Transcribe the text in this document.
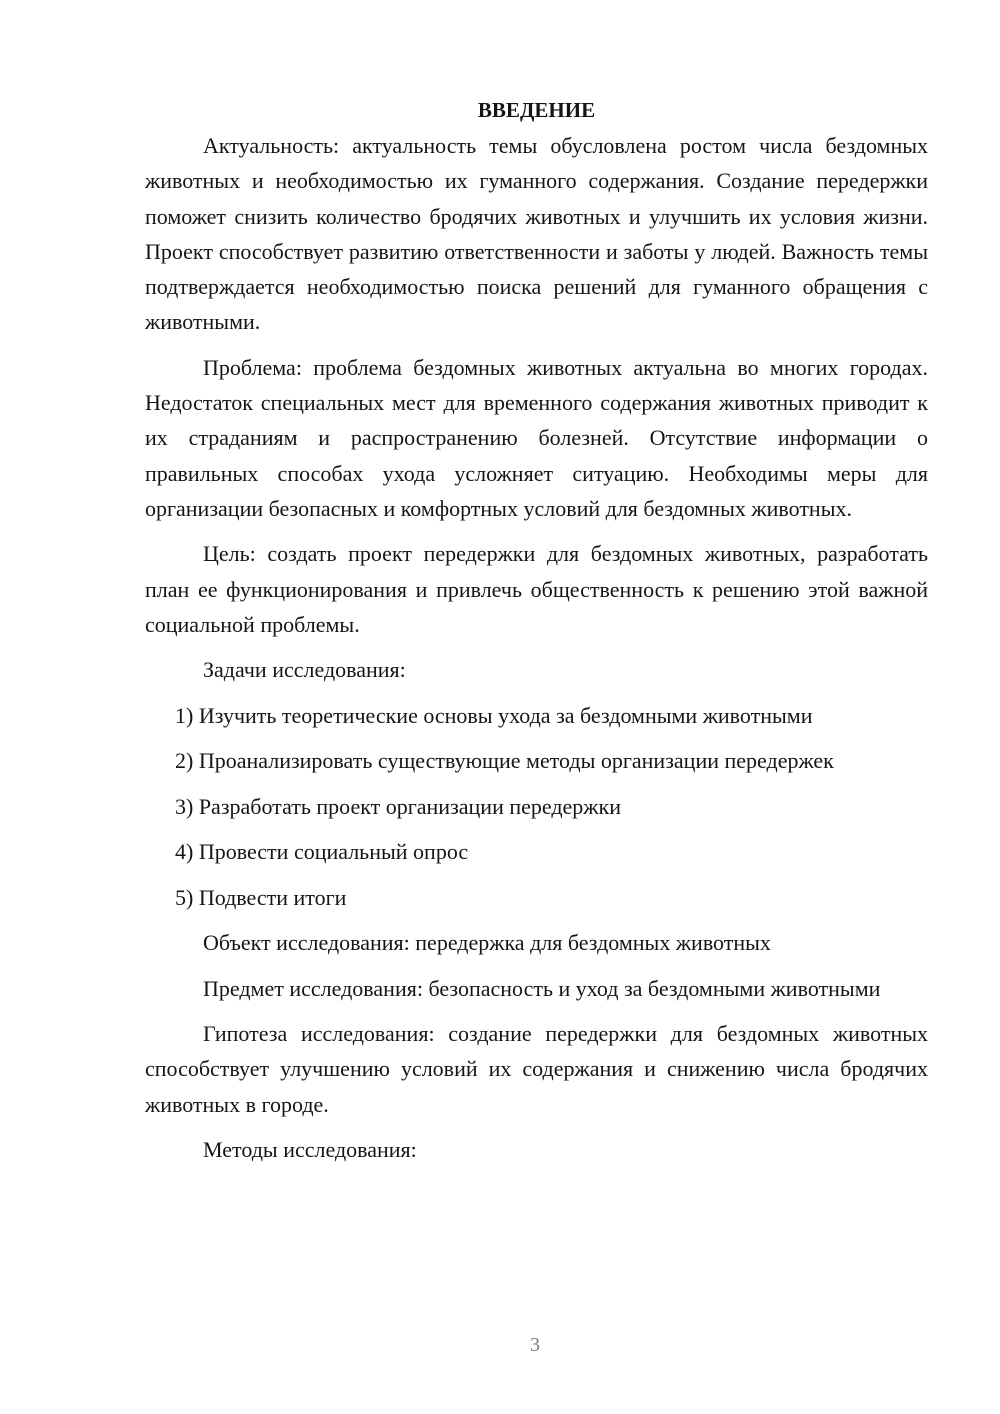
ВВЕДЕНИЕ

Актуальность: актуальность темы обусловлена ростом числа бездомных животных и необходимостью их гуманного содержания. Создание передержки поможет снизить количество бродячих животных и улучшить их условия жизни. Проект способствует развитию ответственности и заботы у людей. Важность темы подтверждается необходимостью поиска решений для гуманного обращения с животными.

Проблема: проблема бездомных животных актуальна во многих городах. Недостаток специальных мест для временного содержания животных приводит к их страданиям и распространению болезней. Отсутствие информации о правильных способах ухода усложняет ситуацию. Необходимы меры для организации безопасных и комфортных условий для бездомных животных.

Цель: создать проект передержки для бездомных животных, разработать план ее функционирования и привлечь общественность к решению этой важной социальной проблемы.

Задачи исследования:
1) Изучить теоретические основы ухода за бездомными животными
2) Проанализировать существующие методы организации передержек
3) Разработать проект организации передержки
4) Провести социальный опрос
5) Подвести итоги
Объект исследования: передержка для бездомных животных

Предмет исследования: безопасность и уход за бездомными животными

Гипотеза исследования: создание передержки для бездомных животных способствует улучшению условий их содержания и снижению числа бродячих животных в городе.

Методы исследования:
3
